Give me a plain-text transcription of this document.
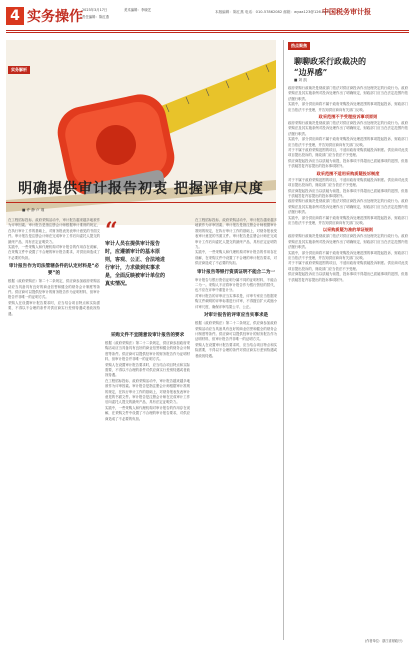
4 实务操作 2023年3月17日
责任编辑：陈红燕
美术编辑：李晓艺	本版编辑：陈红燕 电话：010-57862082 邮箱：wyaa123@126.com
中国税务审计报
实务解析
明确提供审计报告初衷 把握评审尺度
■ 许 静 卢 瑾
在工程招标投标、政府采购活动中，审计报告越来越多地被作为评审因素。审计报告是指注册会计师根据审计准则的规定，在执行审计工作的基础上，对财务报表发表审计意见的书面文件。审计报告是注册会计师在完成审计工作后向委托人提交的最终产品，具有法定证明效力。
实践中，一些采购人和代理机构对审计报告的作用存在误解，在采购文件中设置了不合理的审计报告要求，对供应商造成了不必要的负担。
审计报告作为司法管辖条件的认定材料是“必要”的
根据《政府采购法》第二十二条规定，供应商参加政府采购活动应当具备具有良好的商业信誉和健全的财务会计制度等条件。供应商可以提供经审计的财务报告作为证明材料，但审计报告并非唯一的证明方式。
采购人在设置审计报告要求时，应当结合项目特点和实际需要，不得以不合理的条件对供应商实行差别待遇或者歧视待遇。
“
审计人员在提供审计报告时，应遵循审计的基本原则，客观、公正、合法地进行审计，力求做到实事求是，全面反映被审计单位的真实情况。
采购文件不宜随意设审计报告的要求
根据《政府采购法》第二十二条规定，供应商参加政府采购活动应当具备具有良好的商业信誉和健全的财务会计制度等条件。供应商可以提供经审计的财务报告作为证明材料，但审计报告并非唯一的证明方式。
采购人在设置审计报告要求时，应当结合项目特点和实际需要，不得以不合理的条件对供应商实行差别待遇或者歧视待遇。
在工程招标投标、政府采购活动中，审计报告越来越多地被作为评审因素。审计报告是指注册会计师根据审计准则的规定，在执行审计工作的基础上，对财务报表发表审计意见的书面文件。审计报告是注册会计师在完成审计工作后向委托人提交的最终产品，具有法定证明效力。
实践中，一些采购人和代理机构对审计报告的作用存在误解，在采购文件中设置了不合理的审计报告要求，对供应商造成了不必要的负担。
在工程招标投标、政府采购活动中，审计报告越来越多地被作为评审因素。审计报告是指注册会计师根据审计准则的规定，在执行审计工作的基础上，对财务报表发表审计意见的书面文件。审计报告是注册会计师在完成审计工作后向委托人提交的最终产品，具有法定证明效力。
实践中，一些采购人和代理机构对审计报告的作用存在误解，在采购文件中设置了不合理的审计报告要求，对供应商造成了不必要的负担。
审计报告等银行资质证明不能合二为一
审计报告与银行资信证明分属不同的证明材料，不能合二为一。采购人不应将审计报告作为银行资信的替代，也不应在评审中重复计分。
对审计报告的评审应当实事求是，评审专家应当依据采购文件载明的评审标准进行评审，不得擅自扩大或缩小评审尺度，确保评审结果公平、公正。
对审计报告的评审应当实事求是
根据《政府采购法》第二十二条规定，供应商参加政府采购活动应当具备具有良好的商业信誉和健全的财务会计制度等条件。供应商可以提供经审计的财务报告作为证明材料，但审计报告并非唯一的证明方式。
采购人在设置审计报告要求时，应当结合项目特点和实际需要，不得以不合理的条件对供应商实行差别待遇或者歧视待遇。
热点聚焦
聊聊政采行政裁决的
“边界感”
■ 刘 凯
政府采购行政裁决是财政部门依法对供应商投诉作出处理决定的行政行为。政府采购法及其实施条例对投诉处理作出了明确规定，财政部门应当在法定范围内依法履行职责。
实践中，部分供应商将不属于政府采购投诉处理范围的事项提起投诉，财政部门应当依法不予受理，并告知供应商向有关部门反映。
政采范围不予受理投诉事项原则
政府采购行政裁决是财政部门依法对供应商投诉作出处理决定的行政行为。政府采购法及其实施条例对投诉处理作出了明确规定，财政部门应当在法定范围内依法履行职责。
实践中，部分供应商将不属于政府采购投诉处理范围的事项提起投诉，财政部门应当依法不予受理，并告知供应商向有关部门反映。
对于不属于政府采购范围的项目，不适用政府采购质疑投诉制度。供应商对此类项目提出投诉的，财政部门应当依法不予受理。
供应商提起投诉应当以质疑为前提，投诉事项不得超出已质疑事项的范围，但基于质疑答复内容提出的投诉事项除外。
政采范围不适用采购质疑投诉制度
对于不属于政府采购范围的项目，不适用政府采购质疑投诉制度。供应商对此类项目提出投诉的，财政部门应当依法不予受理。
供应商提起投诉应当以质疑为前提，投诉事项不得超出已质疑事项的范围，但基于质疑答复内容提出的投诉事项除外。
政府采购行政裁决是财政部门依法对供应商投诉作出处理决定的行政行为。政府采购法及其实施条例对投诉处理作出了明确规定，财政部门应当在法定范围内依法履行职责。
实践中，部分供应商将不属于政府采购投诉处理范围的事项提起投诉，财政部门应当依法不予受理，并告知供应商向有关部门反映。
以采购质疑为准的举证规则
政府采购行政裁决是财政部门依法对供应商投诉作出处理决定的行政行为。政府采购法及其实施条例对投诉处理作出了明确规定，财政部门应当在法定范围内依法履行职责。
实践中，部分供应商将不属于政府采购投诉处理范围的事项提起投诉，财政部门应当依法不予受理，并告知供应商向有关部门反映。
对于不属于政府采购范围的项目，不适用政府采购质疑投诉制度。供应商对此类项目提出投诉的，财政部门应当依法不予受理。
供应商提起投诉应当以质疑为前提，投诉事项不得超出已质疑事项的范围，但基于质疑答复内容提出的投诉事项除外。
(作者单位：浙江省财政厅)
